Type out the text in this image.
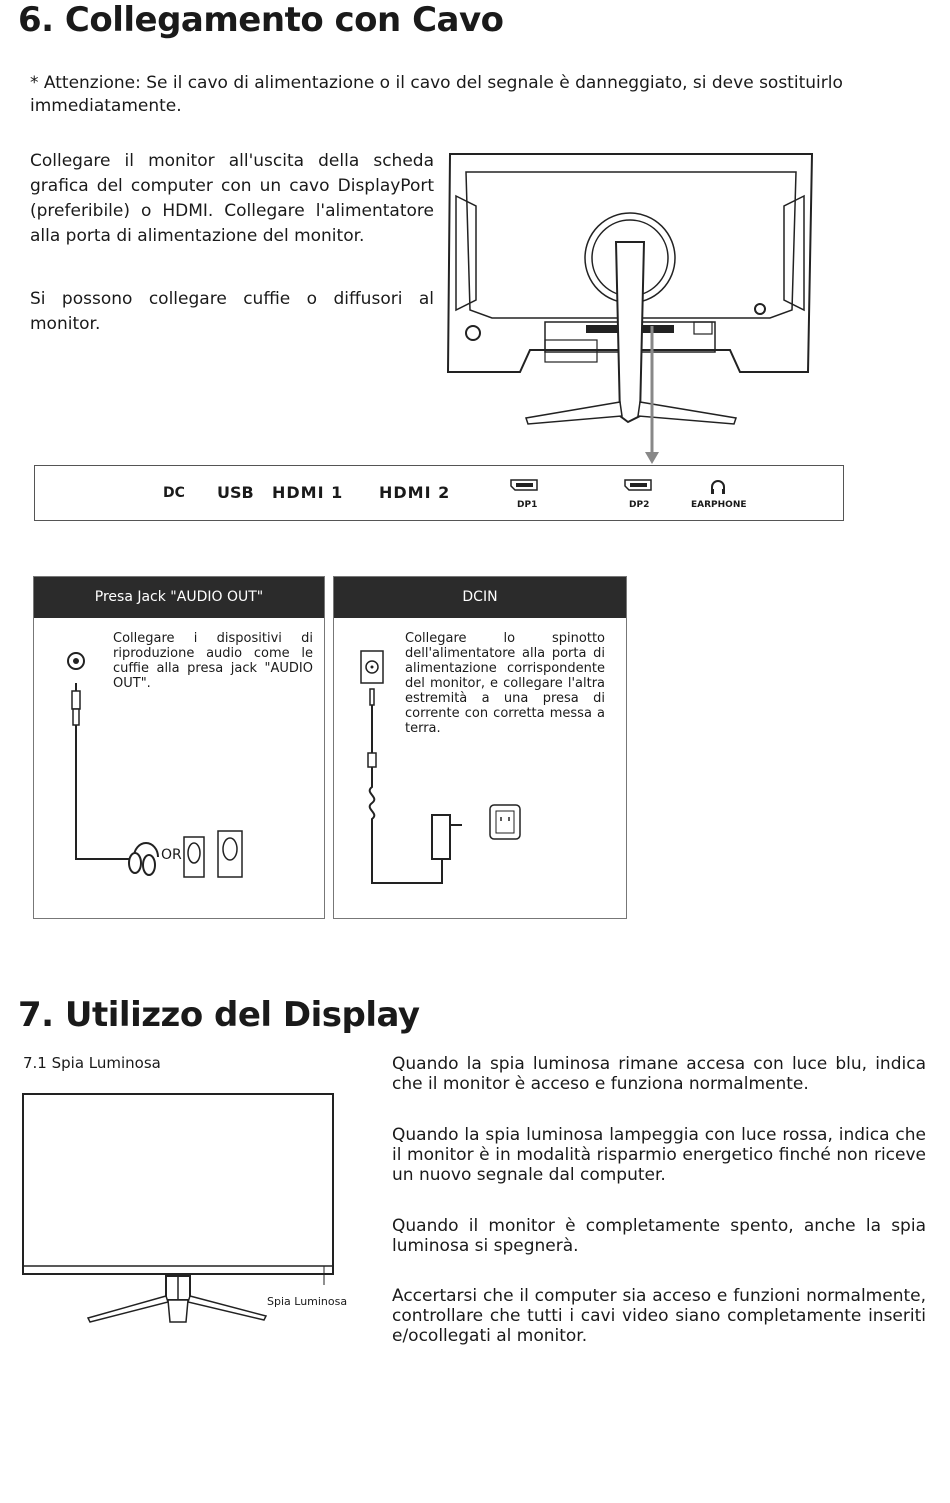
6. Collegamento con Cavo
* Attenzione: Se il cavo di alimentazione o il cavo del segnale è danneggiato, si deve sostituirlo immediatamente.
Collegare il monitor all'uscita della scheda grafica del computer con un cavo DisplayPort (preferibile) o HDMI. Collegare l'alimentatore alla porta di alimentazione del monitor.
Si possono collegare cuffie o diffusori al monitor.
DC USB HDMI 1 HDMI 2
DP1	DP2	EARPHONE
Presa Jack "AUDIO OUT"
Collegare i dispositivi di riproduzione audio come le cuffie alla presa jack "AUDIO OUT".
OR
DCIN
Collegare lo spinotto dell'alimentatore alla porta di alimentazione corrispondente del monitor, e collegare l'altra estremità a una presa di corrente con corretta messa a terra.
7. Utilizzo del Display
7.1 Spia Luminosa
Spia Luminosa
Quando la spia luminosa rimane accesa con luce blu, indica che il monitor è acceso e funziona normalmente.
Quando la spia luminosa lampeggia con luce rossa, indica che il monitor è in modalità risparmio energetico finché non riceve un nuovo segnale dal computer.
Quando il monitor è completamente spento, anche la spia luminosa si spegnerà.
Accertarsi che il computer sia acceso e funzioni normalmente, controllare che tutti i cavi video siano completamente inseriti e/ocollegati al monitor.
